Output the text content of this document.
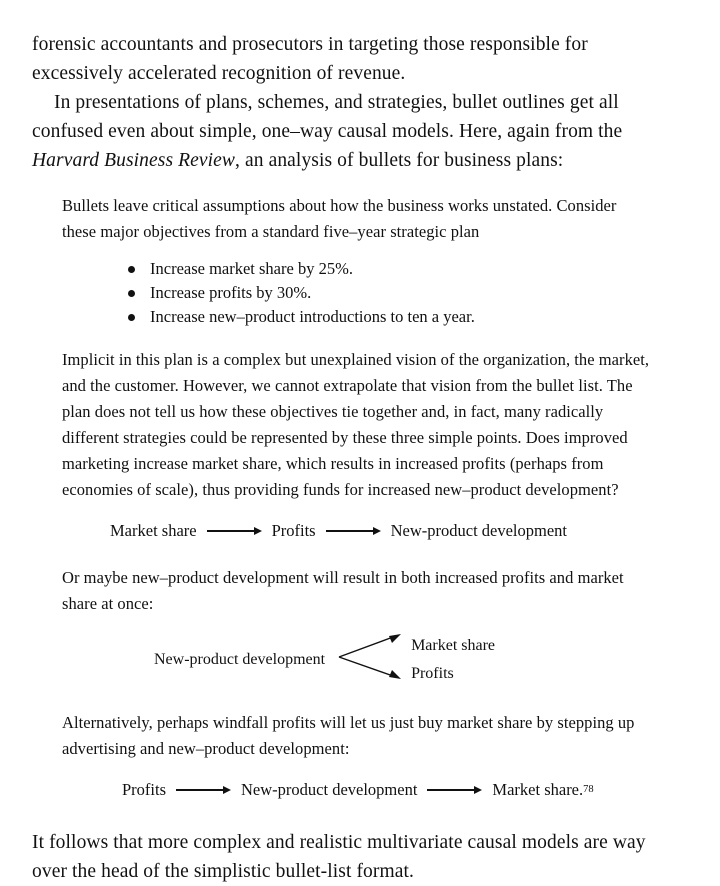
forensic accountants and prosecutors in targeting those responsible for excessively accelerated recognition of revenue.

In presentations of plans, schemes, and strategies, bullet outlines get all confused even about simple, one–way causal models. Here, again from the Harvard Business Review, an analysis of bullets for business plans:

Bullets leave critical assumptions about how the business works unstated. Consider these major objectives from a standard five–year strategic plan

Increase market share by 25%.
Increase profits by 30%.
Increase new–product introductions to ten a year.

Implicit in this plan is a complex but unexplained vision of the organization, the market, and the customer. However, we cannot extrapolate that vision from the bullet list. The plan does not tell us how these objectives tie together and, in fact, many radically different strategies could be represented by these three simple points. Does improved marketing increase market share, which results in increased profits (perhaps from economies of scale), thus providing funds for increased new–product development?

Market share	Profits	New-product development

Or maybe new–product development will result in both increased profits and market share at once:

New-product development
Market share
Profits

Alternatively, perhaps windfall profits will let us just buy market share by stepping up advertising and new–product development:

Profits	New-product development	Market share. 78

It follows that more complex and realistic multivariate causal models are way over the head of the simplistic bullet-list format.
